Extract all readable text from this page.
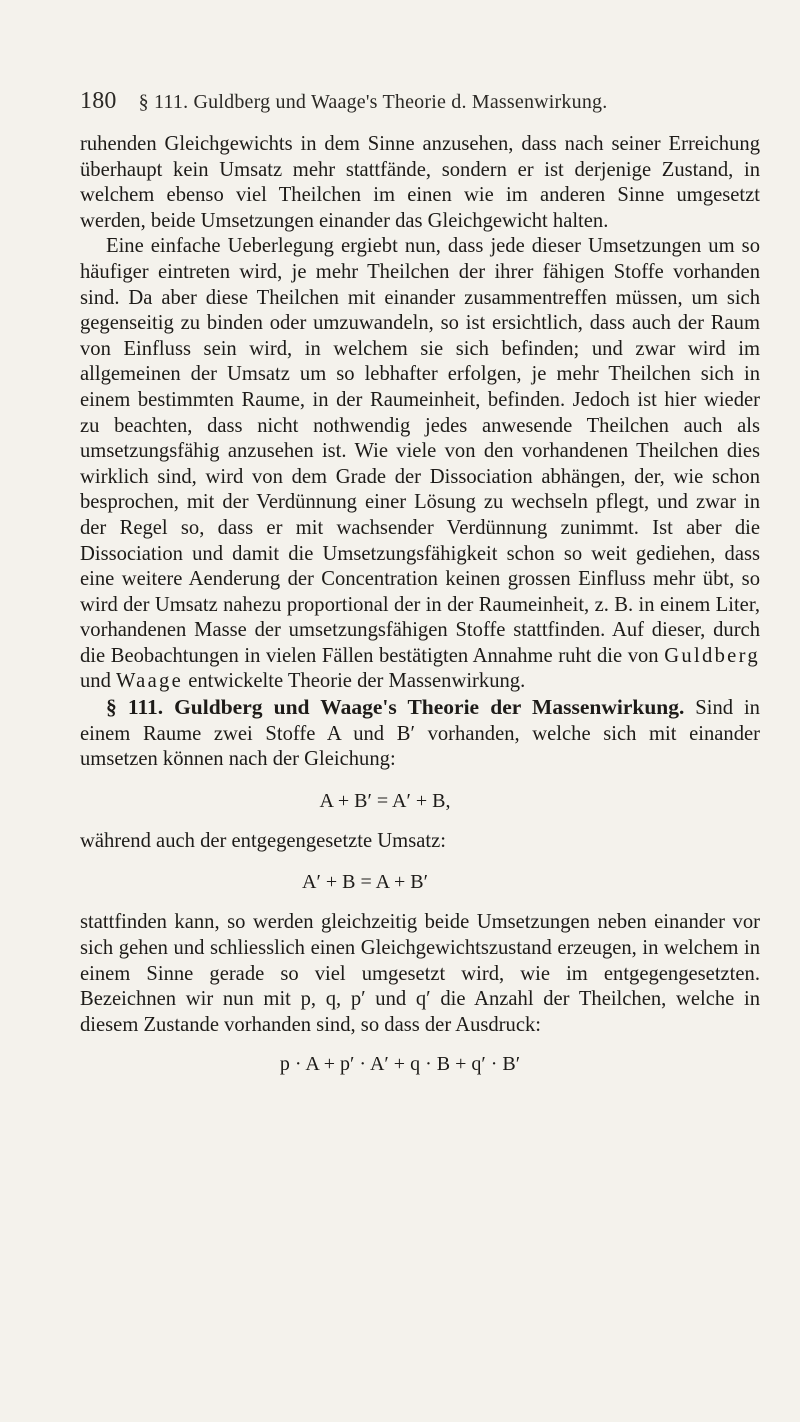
180 § 111. Guldberg und Waage's Theorie d. Massenwirkung.

ruhenden Gleichgewichts in dem Sinne anzusehen, dass nach seiner Erreichung überhaupt kein Umsatz mehr stattfände, sondern er ist derjenige Zustand, in welchem ebenso viel Theilchen im einen wie im anderen Sinne umgesetzt werden, beide Umsetzungen einander das Gleichgewicht halten.

Eine einfache Ueberlegung ergiebt nun, dass jede dieser Umsetzungen um so häufiger eintreten wird, je mehr Theilchen der ihrer fähigen Stoffe vorhanden sind. Da aber diese Theilchen mit einander zusammentreffen müssen, um sich gegenseitig zu binden oder umzuwandeln, so ist ersichtlich, dass auch der Raum von Einfluss sein wird, in welchem sie sich befinden; und zwar wird im allgemeinen der Umsatz um so lebhafter erfolgen, je mehr Theilchen sich in einem bestimmten Raume, in der Raumeinheit, befinden. Jedoch ist hier wieder zu beachten, dass nicht nothwendig jedes anwesende Theilchen auch als umsetzungsfähig anzusehen ist. Wie viele von den vorhandenen Theilchen dies wirklich sind, wird von dem Grade der Dissociation abhängen, der, wie schon besprochen, mit der Verdünnung einer Lösung zu wechseln pflegt, und zwar in der Regel so, dass er mit wachsender Verdünnung zunimmt. Ist aber die Dissociation und damit die Umsetzungsfähigkeit schon so weit gediehen, dass eine weitere Aenderung der Concentration keinen grossen Einfluss mehr übt, so wird der Umsatz nahezu proportional der in der Raumeinheit, z. B. in einem Liter, vorhandenen Masse der umsetzungsfähigen Stoffe stattfinden. Auf dieser, durch die Beobachtungen in vielen Fällen bestätigten Annahme ruht die von Guldberg und Waage entwickelte Theorie der Massenwirkung.

§ 111. Guldberg und Waage's Theorie der Massenwirkung. Sind in einem Raume zwei Stoffe A und B′ vorhanden, welche sich mit einander umsetzen können nach der Gleichung:

A + B′ = A′ + B,

während auch der entgegengesetzte Umsatz:

A′ + B = A + B′

stattfinden kann, so werden gleichzeitig beide Umsetzungen neben einander vor sich gehen und schliesslich einen Gleichgewichtszustand erzeugen, in welchem in einem Sinne gerade so viel umgesetzt wird, wie im entgegengesetzten. Bezeichnen wir nun mit p, q, p′ und q′ die Anzahl der Theilchen, welche in diesem Zustande vorhanden sind, so dass der Ausdruck:

p · A + p′ · A′ + q · B + q′ · B′
